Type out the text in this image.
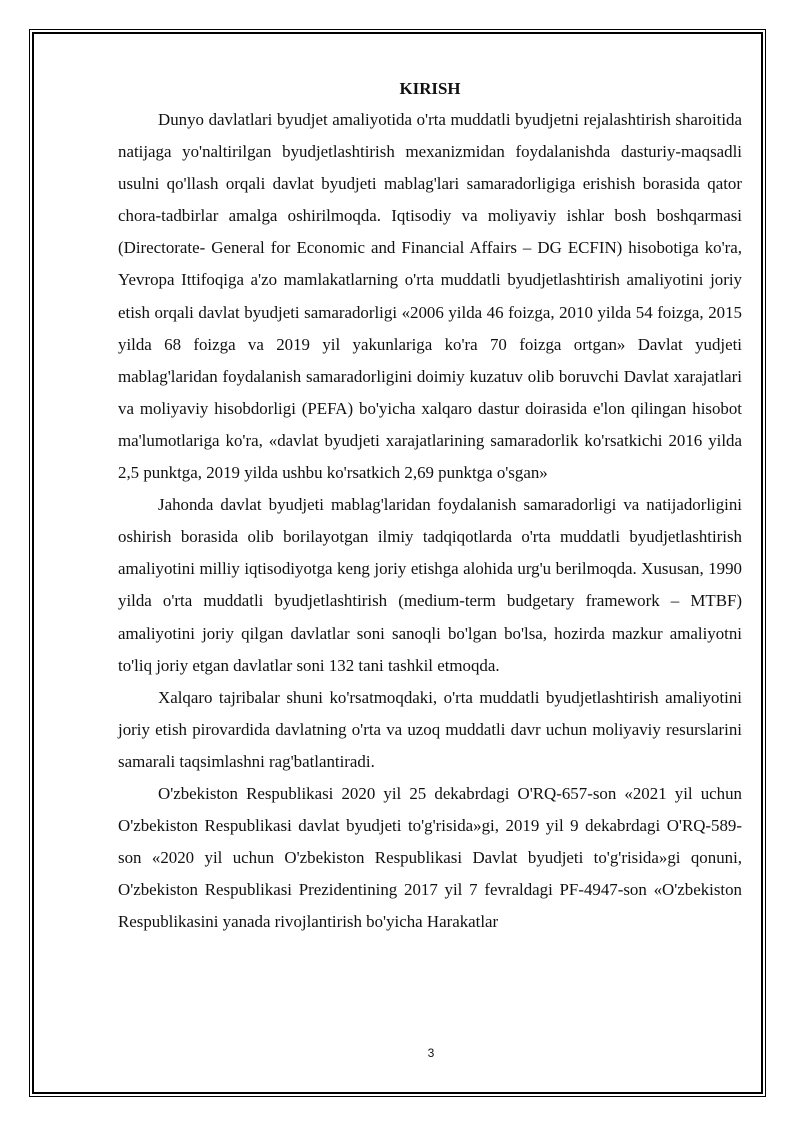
KIRISH

Dunyo davlatlari byudjet amaliyotida o'rta muddatli byudjetni rejalashtirish sharoitida natijaga yo'naltirilgan byudjetlashtirish mexanizmidan foydalanishda dasturiy-maqsadli usulni qo'llash orqali davlat byudjeti mablag'lari samaradorligiga erishish borasida qator chora-tadbirlar amalga oshirilmoqda. Iqtisodiy va moliyaviy ishlar bosh boshqarmasi (Directorate- General for Economic and Financial Affairs – DG ECFIN) hisobotiga ko'ra, Yevropa Ittifoqiga a'zo mamlakatlarning o'rta muddatli byudjetlashtirish amaliyotini joriy etish orqali davlat byudjeti samaradorligi «2006 yilda 46 foizga, 2010 yilda 54 foizga, 2015 yilda 68 foizga va 2019 yil yakunlariga ko'ra 70 foizga ortgan» Davlat yudjeti mablag'laridan foydalanish samaradorligini doimiy kuzatuv olib boruvchi Davlat xarajatlari va moliyaviy hisobdorligi (PEFA) bo'yicha xalqaro dastur doirasida e'lon qilingan hisobot ma'lumotlariga ko'ra, «davlat byudjeti xarajatlarining samaradorlik ko'rsatkichi 2016 yilda 2,5 punktga, 2019 yilda ushbu ko'rsatkich 2,69 punktga o'sgan»

Jahonda davlat byudjeti mablag'laridan foydalanish samaradorligi va natijadorligini oshirish borasida olib borilayotgan ilmiy tadqiqotlarda o'rta muddatli byudjetlashtirish amaliyotini milliy iqtisodiyotga keng joriy etishga alohida urg'u berilmoqda. Xususan, 1990 yilda o'rta muddatli byudjetlashtirish (medium-term budgetary framework – MTBF) amaliyotini joriy qilgan davlatlar soni sanoqli bo'lgan bo'lsa, hozirda mazkur amaliyotni to'liq joriy etgan davlatlar soni 132 tani tashkil etmoqda.

Xalqaro tajribalar shuni ko'rsatmoqdaki, o'rta muddatli byudjetlashtirish amaliyotini joriy etish pirovardida davlatning o'rta va uzoq muddatli davr uchun moliyaviy resurslarini samarali taqsimlashni rag'batlantiradi.

O'zbekiston Respublikasi 2020 yil 25 dekabrdagi O'RQ-657-son «2021 yil uchun O'zbekiston Respublikasi davlat byudjeti to'g'risida»gi, 2019 yil 9 dekabrdagi O'RQ-589-son «2020 yil uchun O'zbekiston Respublikasi Davlat byudjeti to'g'risida»gi qonuni, O'zbekiston Respublikasi Prezidentining 2017 yil 7 fevraldagi PF-4947-son «O'zbekiston Respublikasini yanada rivojlantirish bo'yicha Harakatlar

3
